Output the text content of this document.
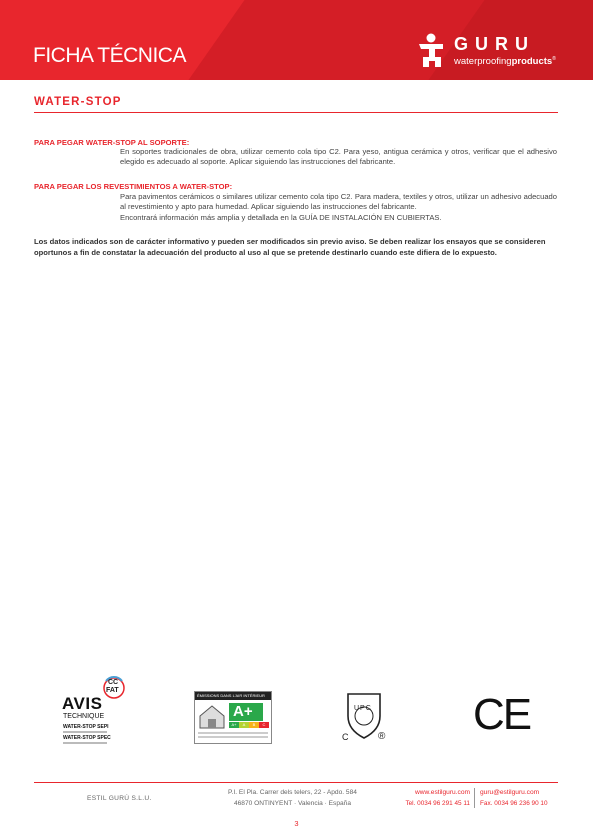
FICHA TÉCNICA	GURU
waterproofingproducts®
WATER-STOP
PARA PEGAR WATER-STOP AL SOPORTE:
En soportes tradicionales de obra, utilizar cemento cola tipo C2. Para yeso, antigua cerámica y otros, verificar que el adhesivo elegido es adecuado al soporte. Aplicar siguiendo las instrucciones del fabricante.
PARA PEGAR LOS REVESTIMIENTOS A WATER-STOP:
Para pavimentos cerámicos o similares utilizar cemento cola tipo C2. Para madera, textiles y otros, utilizar un adhesivo adecuado al revestimiento y apto para humedad. Aplicar siguiendo las instrucciones del fabricante.
Encontrará información más amplia y detallada en la GUÍA DE INSTALACIÓN EN CUBIERTAS.
Los datos indicados son de carácter informativo y pueden ser modificados sin previo aviso. Se deben realizar los ensayos que se consideren oportunos a fin de constatar la adecuación del producto al uso al que se pretende destinarlo cuando este difiera de lo expuesto.
CC
FAT
AVIS
TECHNIQUE
WATER-STOP SEPI
WATER-STOP SPEC
ÉMISSIONS DANS L'AIR INTÉRIEUR
A+
A+	A	B	C
UPC
C	® CE
ESTIL GURÚ S.L.U.
P.I. El Pla. Carrer dels telers, 22 - Apdo. 584
46870 ONTINYENT · Valencia · España
www.estilguru.com
Tel. 0034 96 291 45 11
guru@estilguru.com
Fax. 0034 96 236 90 10
3
